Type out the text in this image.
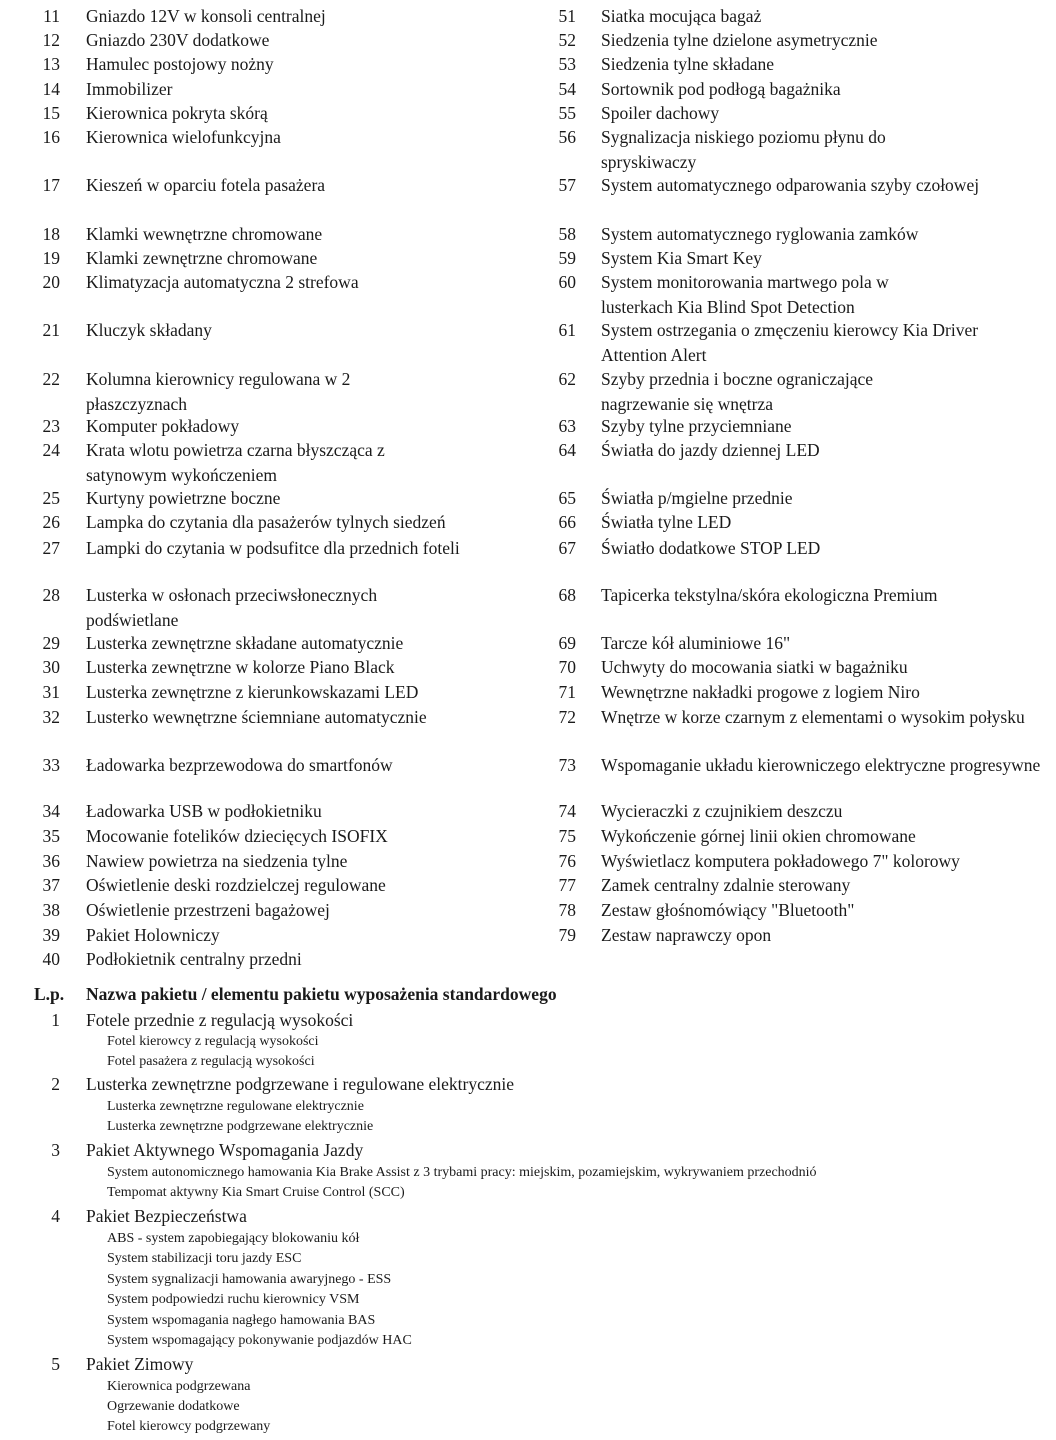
11 Gniazdo 12V w konsoli centralnej
12 Gniazdo 230V dodatkowe
13 Hamulec postojowy nożny
14 Immobilizer
15 Kierownica pokryta skórą
16 Kierownica wielofunkcyjna
17 Kieszeń w oparciu fotela pasażera
18 Klamki wewnętrzne chromowane
19 Klamki zewnętrzne chromowane
20 Klimatyzacja automatyczna 2 strefowa
21 Kluczyk składany
22 Kolumna kierownicy regulowana w 2 płaszczyznach
23 Komputer pokładowy
24 Krata wlotu powietrza czarna błyszcząca z satynowym wykończeniem
25 Kurtyny powietrzne boczne
26 Lampka do czytania dla pasażerów tylnych siedzeń
27 Lampki do czytania w podsufitce dla przednich foteli
28 Lusterka w osłonach przeciwsłonecznych podświetlane
29 Lusterka zewnętrzne składane automatycznie
30 Lusterka zewnętrzne w kolorze Piano Black
31 Lusterka zewnętrzne z kierunkowskazami LED
32 Lusterko wewnętrzne ściemniane automatycznie
33 Ładowarka bezprzewodowa do smartfonów
34 Ładowarka USB w podłokietniku
35 Mocowanie fotelików dziecięcych ISOFIX
36 Nawiew powietrza na siedzenia tylne
37 Oświetlenie deski rozdzielczej regulowane
38 Oświetlenie przestrzeni bagażowej
39 Pakiet Holowniczy
40 Podłokietnik centralny przedni
51 Siatka mocująca bagaż
52 Siedzenia tylne dzielone asymetrycznie
53 Siedzenia tylne składane
54 Sortownik pod podłogą bagażnika
55 Spoiler dachowy
56 Sygnalizacja niskiego poziomu płynu do spryskiwaczy
57 System automatycznego odparowania szyby czołowej
58 System automatycznego ryglowania zamków
59 System Kia Smart Key
60 System monitorowania martwego pola w lusterkach Kia Blind Spot Detection
61 System ostrzegania o zmęczeniu kierowcy Kia Driver Attention Alert
62 Szyby przednia i boczne ograniczające nagrzewanie się wnętrza
63 Szyby tylne przyciemniane
64 Światła do jazdy dziennej LED
65 Światła p/mgielne przednie
66 Światła tylne LED
67 Światło dodatkowe STOP LED
68 Tapicerka tekstylna/skóra ekologiczna Premium
69 Tarcze kół aluminiowe 16"
70 Uchwyty do mocowania siatki w bagażniku
71 Wewnętrzne nakładki progowe z logiem Niro
72 Wnętrze w korze czarnym z elementami o wysokim połysku
73 Wspomaganie układu kierowniczego elektryczne progresywne
74 Wycieraczki z czujnikiem deszczu
75 Wykończenie górnej linii okien chromowane
76 Wyświetlacz komputera pokładowego 7" kolorowy
77 Zamek centralny zdalnie sterowany
78 Zestaw głośnomówiący "Bluetooth"
79 Zestaw naprawczy opon
L.p. Nazwa pakietu / elementu pakietu wyposażenia standardowego
1 Fotele przednie z regulacją wysokości
Fotel kierowcy z regulacją wysokości
Fotel pasażera z regulacją wysokości
2 Lusterka zewnętrzne podgrzewane i regulowane elektrycznie
Lusterka zewnętrzne regulowane elektrycznie
Lusterka zewnętrzne podgrzewane elektrycznie
3 Pakiet Aktywnego Wspomagania Jazdy
System autonomicznego hamowania Kia Brake Assist z 3 trybami pracy: miejskim, pozamiejskim, wykrywaniem przechodnió
Tempomat aktywny Kia Smart Cruise Control (SCC)
4 Pakiet Bezpieczeństwa
ABS - system zapobiegający blokowaniu kół
System stabilizacji toru jazdy ESC
System sygnalizacji hamowania awaryjnego - ESS
System podpowiedzi ruchu kierownicy VSM
System wspomagania nagłego hamowania BAS
System wspomagający pokonywanie podjazdów HAC
5 Pakiet Zimowy
Kierownica podgrzewana
Ogrzewanie dodatkowe
Fotel kierowcy podgrzewany
